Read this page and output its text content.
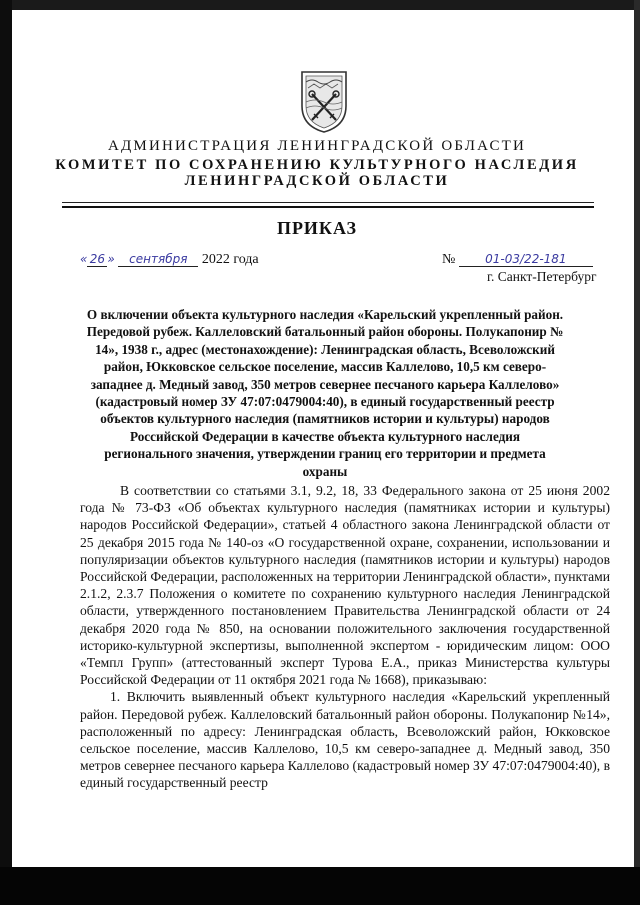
АДМИНИСТРАЦИЯ ЛЕНИНГРАДСКОЙ ОБЛАСТИ
КОМИТЕТ ПО СОХРАНЕНИЮ КУЛЬТУРНОГО НАСЛЕДИЯ
ЛЕНИНГРАДСКОЙ ОБЛАСТИ
ПРИКАЗ
« 26 » сентября 2022 года	№ 01-03/22-181
г. Санкт-Петербург
О включении объекта культурного наследия «Карельский укрепленный район. Передовой рубеж. Каллеловский батальонный район обороны. Полукапонир № 14», 1938 г., адрес (местонахождение): Ленинградская область, Всеволожский район, Юкковское сельское поселение, массив Каллелово, 10,5 км северо-западнее д. Медный завод, 350 метров севернее песчаного карьера Каллелово» (кадастровый номер ЗУ 47:07:0479004:40), в единый государственный реестр объектов культурного наследия (памятников истории и культуры) народов Российской Федерации в качестве объекта культурного наследия регионального значения, утверждении границ его территории и предмета охраны

В соответствии со статьями 3.1, 9.2, 18, 33 Федерального закона от 25 июня 2002 года № 73-ФЗ «Об объектах культурного наследия (памятниках истории и культуры) народов Российской Федерации», статьей 4 областного закона Ленинградской области от 25 декабря 2015 года № 140-оз «О государственной охране, сохранении, использовании и популяризации объектов культурного наследия (памятников истории и культуры) народов Российской Федерации, расположенных на территории Ленинградской области», пунктами 2.1.2, 2.3.7 Положения о комитете по сохранению культурного наследия Ленинградской области, утвержденного постановлением Правительства Ленинградской области от 24 декабря 2020 года № 850, на основании положительного заключения государственной историко-культурной экспертизы, выполненной экспертом - юридическим лицом: ООО «Темпл Групп» (аттестованный эксперт Турова Е.А., приказ Министерства культуры Российской Федерации от 11 октября 2021 года № 1668), приказываю:

1. Включить выявленный объект культурного наследия «Карельский укрепленный район. Передовой рубеж. Каллеловский батальонный район обороны. Полукапонир №14», расположенный по адресу: Ленинградская область, Всеволожский район, Юкковское сельское поселение, массив Каллелово, 10,5 км северо-западнее д. Медный завод, 350 метров севернее песчаного карьера Каллелово (кадастровый номер ЗУ 47:07:0479004:40), в единый государственный реестр
